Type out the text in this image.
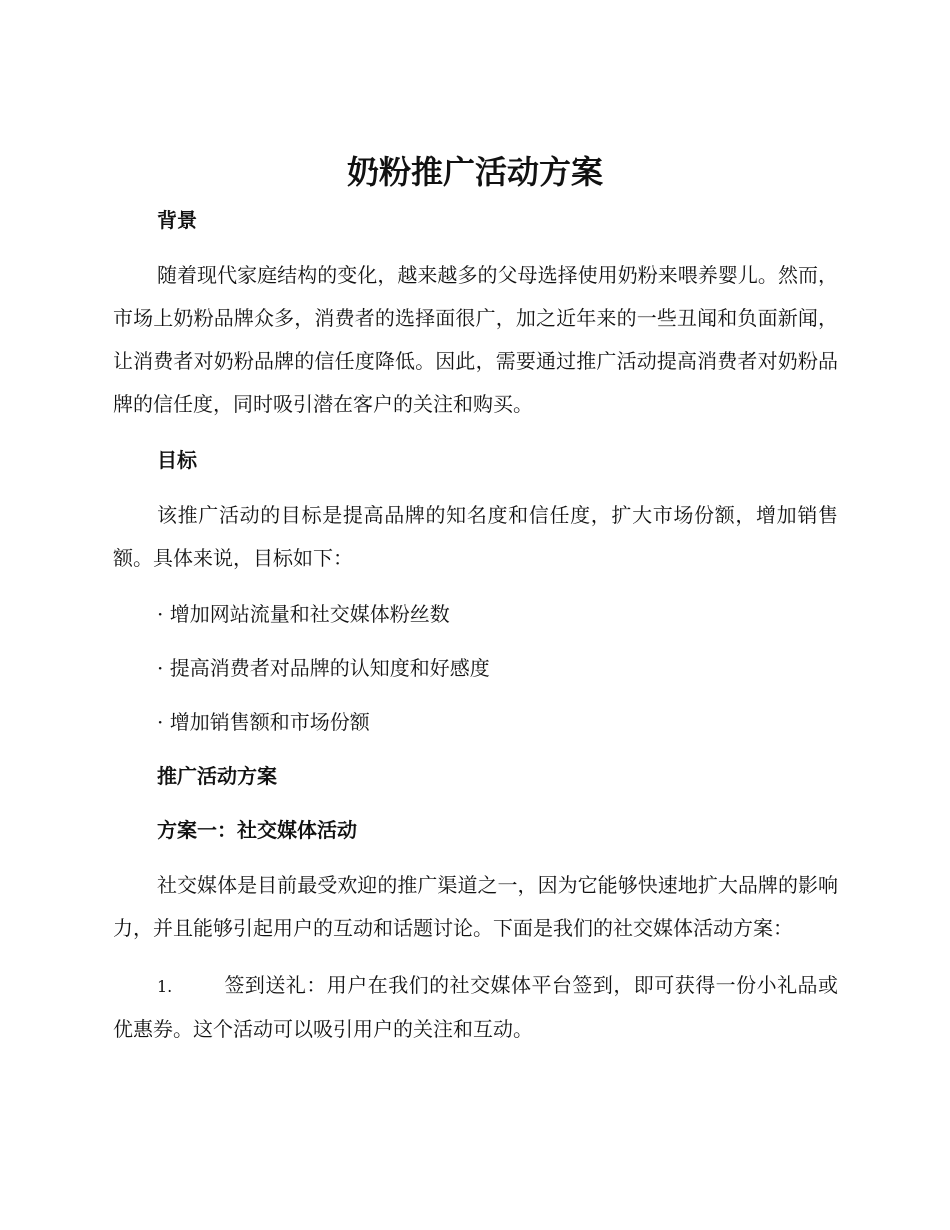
奶粉推广活动方案

背景

随着现代家庭结构的变化，越来越多的父母选择使用奶粉来喂养婴儿。然而，市场上奶粉品牌众多，消费者的选择面很广，加之近年来的一些丑闻和负面新闻，让消费者对奶粉品牌的信任度降低。因此，需要通过推广活动提高消费者对奶粉品牌的信任度，同时吸引潜在客户的关注和购买。

目标

该推广活动的目标是提高品牌的知名度和信任度，扩大市场份额，增加销售额。具体来说，目标如下：

· 增加网站流量和社交媒体粉丝数

· 提高消费者对品牌的认知度和好感度

· 增加销售额和市场份额

推广活动方案

方案一：社交媒体活动

社交媒体是目前最受欢迎的推广渠道之一，因为它能够快速地扩大品牌的影响力，并且能够引起用户的互动和话题讨论。下面是我们的社交媒体活动方案：

1.	签到送礼：用户在我们的社交媒体平台签到，即可获得一份小礼品或优惠券。这个活动可以吸引用户的关注和互动。
